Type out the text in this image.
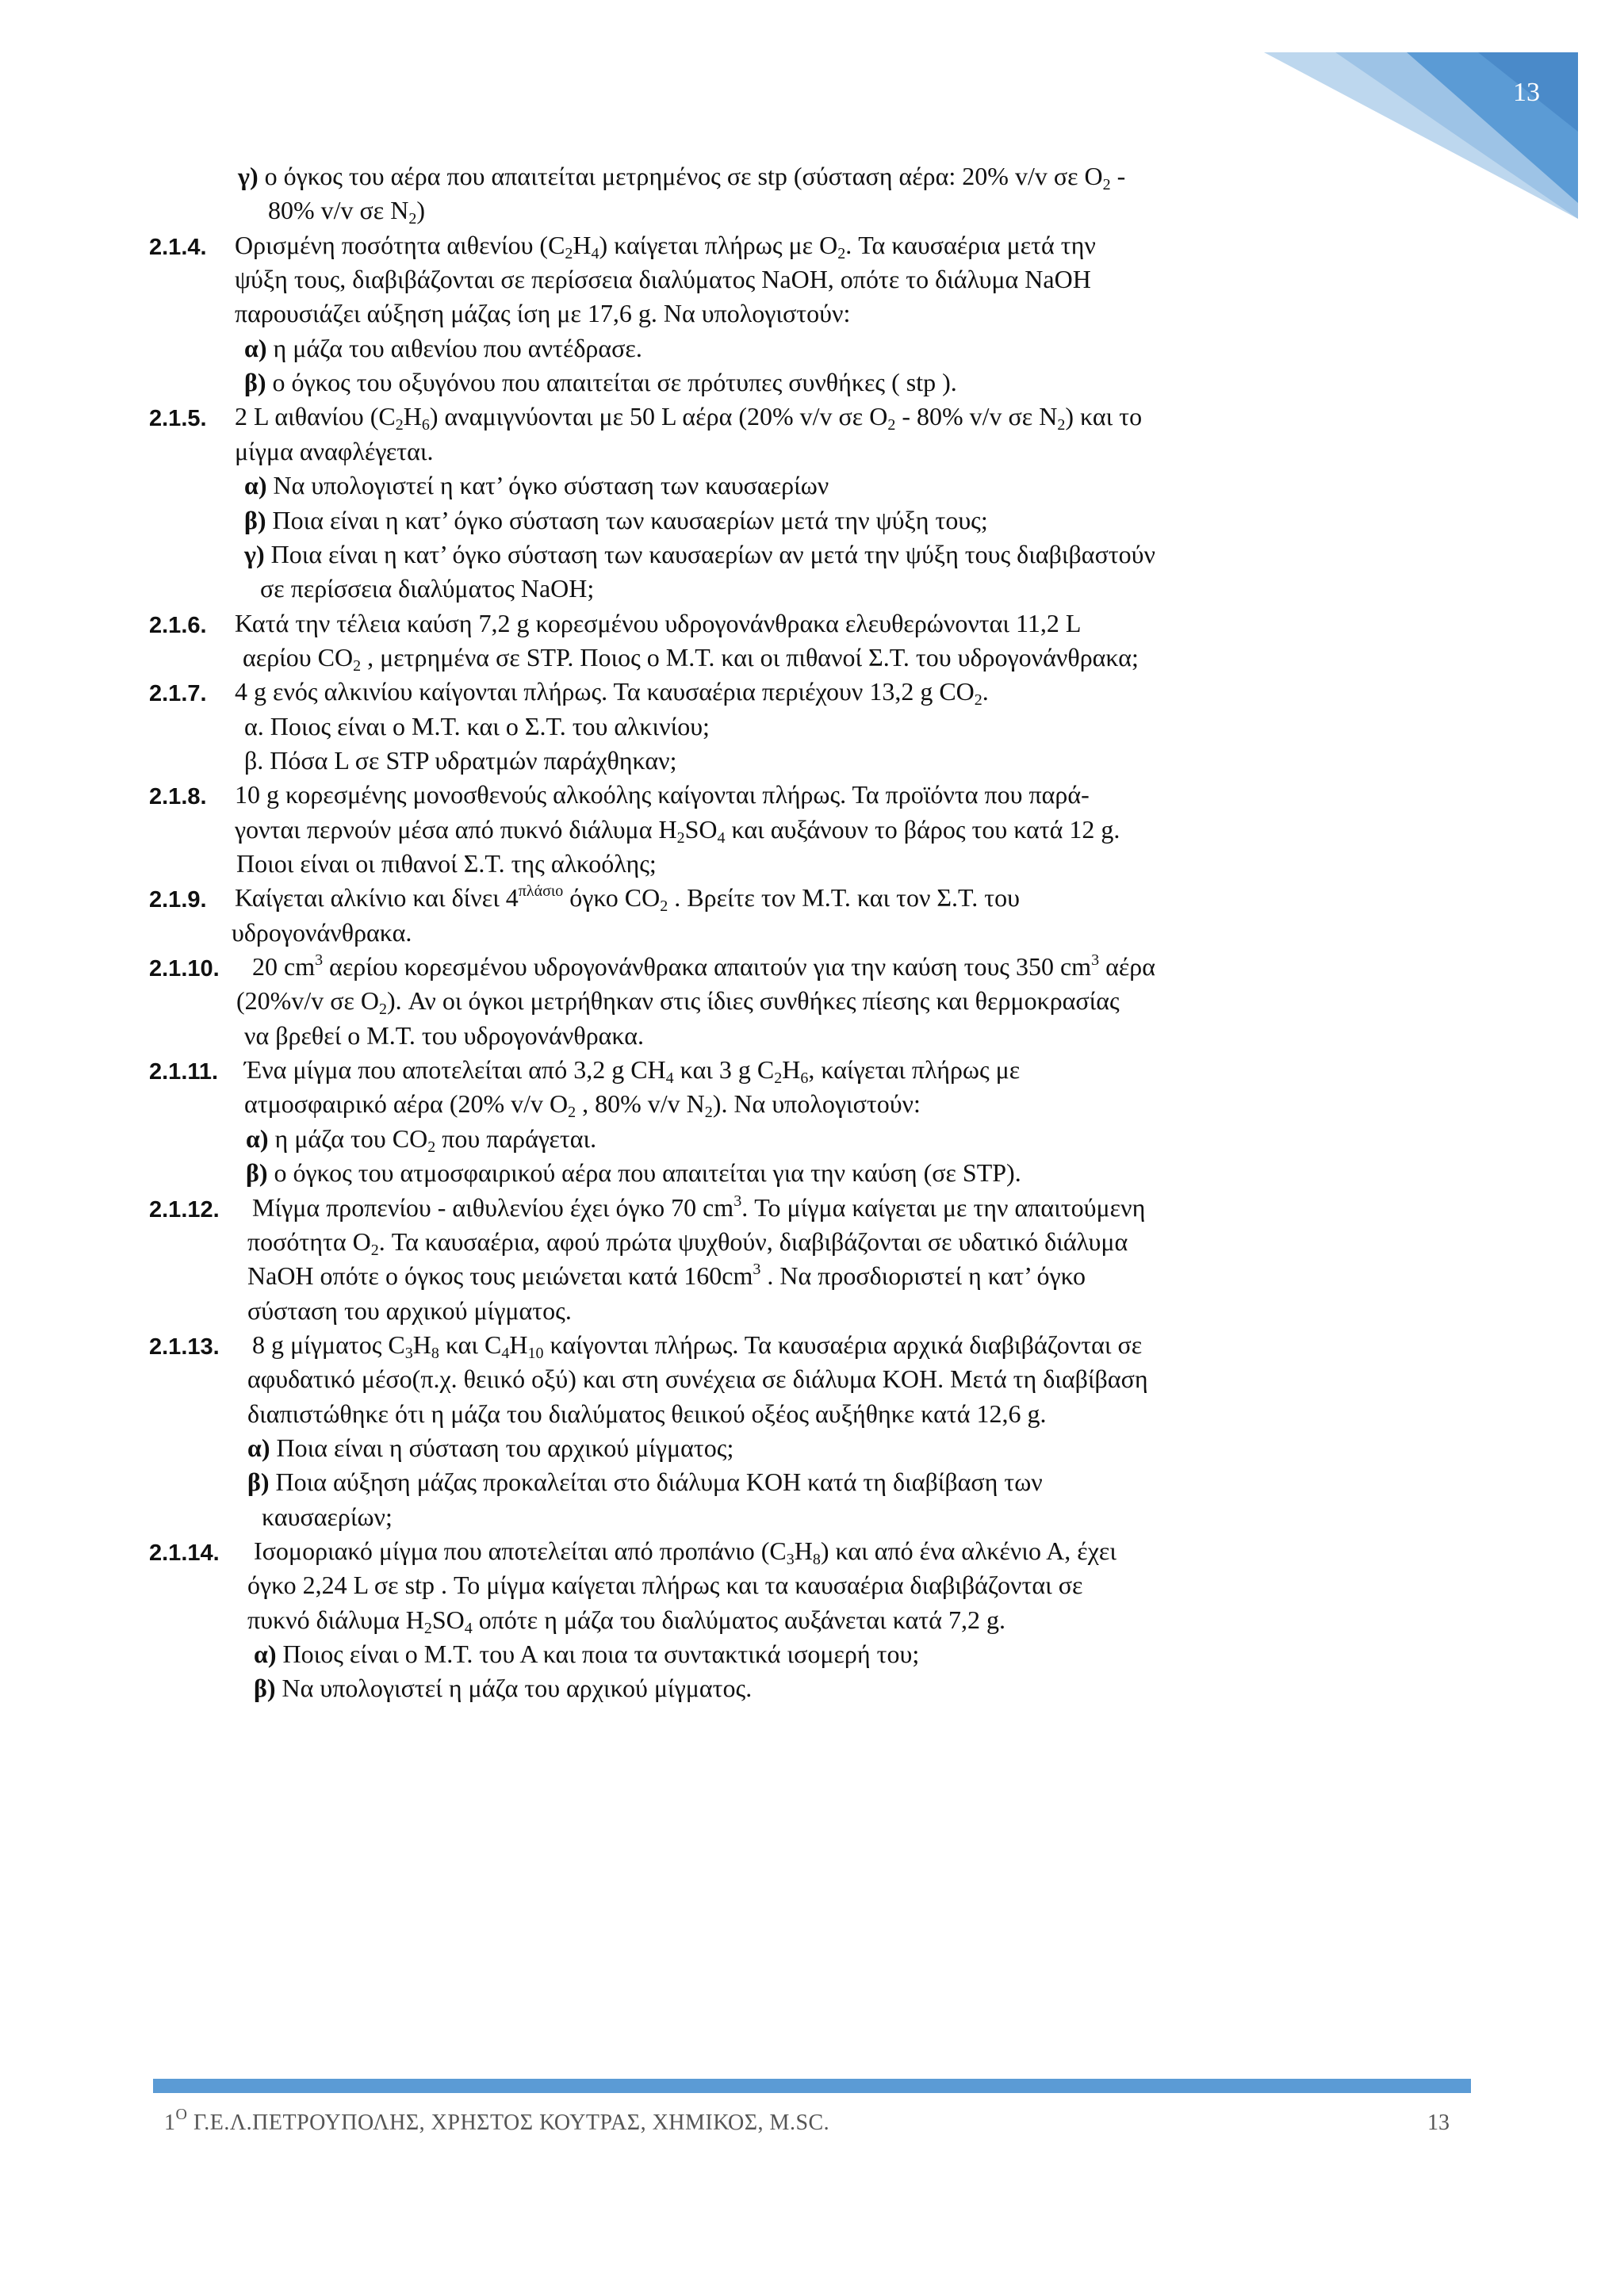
13
γ) ο όγκος του αέρα που απαιτείται μετρημένος σε stp (σύσταση αέρα: 20% v/v σε $O_2$ -
80% v/v σε $N_2$)
2.1.4. Ορισμένη ποσότητα αιθενίου $(C_2H_4)$ καίγεται πλήρως με $O_2$. Τα καυσαέρια μετά την
ψύξη τους, διαβιβάζονται σε περίσσεια διαλύματος NaOH, οπότε το διάλυμα NaOH
παρουσιάζει αύξηση μάζας ίση με 17,6 g. Να υπολογιστούν:
α) η μάζα του αιθενίου που αντέδρασε.
β) ο όγκος του οξυγόνου που απαιτείται σε πρότυπες συνθήκες ( stp ).
2.1.5. 2 L αιθανίου $(C_2H_6)$ αναμιγνύονται με 50 L αέρα (20% v/v σε $O_2 - 80\%$ v/v σε $N_2$) και το
μίγμα αναφλέγεται.
α) Να υπολογιστεί η κατ’ όγκο σύσταση των καυσαερίων
β) Ποια είναι η κατ’ όγκο σύσταση των καυσαερίων μετά την ψύξη τους;
γ) Ποια είναι η κατ’ όγκο σύσταση των καυσαερίων αν μετά την ψύξη τους διαβιβαστούν
σε περίσσεια διαλύματος NaOH;
2.1.6. Κατά την τέλεια καύση 7,2 g κορεσμένου υδρογονάνθρακα ελευθερώνονται 11,2 L
αερίου $CO_2$ , μετρημένα σε STP. Ποιος ο Μ.Τ. και οι πιθανοί Σ.Τ. του υδρογονάνθρακα;
2.1.7. 4 g ενός αλκινίου καίγονται πλήρως. Τα καυσαέρια περιέχουν 13,2 g $CO_2$.
α. Ποιος είναι ο Μ.Τ. και ο Σ.Τ. του αλκινίου;
β. Πόσα L σε STP υδρατμών παράχθηκαν;
2.1.8. 10 g κορεσμένης μονοσθενούς αλκοόλης καίγονται πλήρως. Τα προϊόντα που παρά-
γονται περνούν μέσα από πυκνό διάλυμα $H_2SO_4$ και αυξάνουν το βάρος του κατά 12 g.
Ποιοι είναι οι πιθανοί Σ.Τ. της αλκοόλης;
2.1.9. Καίγεται αλκίνιο και δίνει $4^{\pi\lambda ά\sigma\iota o}$ όγκο $CO_2$ . Βρείτε τον Μ.Τ. και τον Σ.Τ. του
υδρογονάνθρακα.
2.1.10. 20 $cm^3$ αερίου κορεσμένου υδρογονάνθρακα απαιτούν για την καύση τους 350 $cm^3$ αέρα
(20%v/v σε $O_2$). Αν οι όγκοι μετρήθηκαν στις ίδιες συνθήκες πίεσης και θερμοκρασίας
να βρεθεί ο Μ.Τ. του υδρογονάνθρακα.
2.1.11. Ένα μίγμα που αποτελείται από 3,2 g $CH_4$ και 3 g $C_2H_6$, καίγεται πλήρως με
ατμοσφαιρικό αέρα (20% v/v $O_2$ , 80% v/v $N_2$). Να υπολογιστούν:
α) η μάζα του $CO_2$ που παράγεται.
β) ο όγκος του ατμοσφαιρικού αέρα που απαιτείται για την καύση (σε STP).
2.1.12. Μίγμα προπενίου - αιθυλενίου έχει όγκο 70 $cm^3$. Το μίγμα καίγεται με την απαιτούμενη
ποσότητα $O_2$. Τα καυσαέρια, αφού πρώτα ψυχθούν, διαβιβάζονται σε υδατικό διάλυμα
NaOH οπότε ο όγκος τους μειώνεται κατά $160cm^3$ . Να προσδιοριστεί η κατ’ όγκο
σύσταση του αρχικού μίγματος.
2.1.13. 8 g μίγματος $C_3H_8$ και $C_4H_{10}$ καίγονται πλήρως. Τα καυσαέρια αρχικά διαβιβάζονται σε
αφυδατικό μέσο(π.χ. θειικό οξύ) και στη συνέχεια σε διάλυμα KOH. Μετά τη διαβίβαση
διαπιστώθηκε ότι η μάζα του διαλύματος θειικού οξέος αυξήθηκε κατά 12,6 g.
α) Ποια είναι η σύσταση του αρχικού μίγματος;
β) Ποια αύξηση μάζας προκαλείται στο διάλυμα KOH κατά τη διαβίβαση των
καυσαερίων;
2.1.14. Ισομοριακό μίγμα που αποτελείται από προπάνιο $(C_3H_8)$ και από ένα αλκένιο Α, έχει
όγκο 2,24 L σε stp . Το μίγμα καίγεται πλήρως και τα καυσαέρια διαβιβάζονται σε
πυκνό διάλυμα $H_2SO_4$ οπότε η μάζα του διαλύματος αυξάνεται κατά 7,2 g.
α) Ποιος είναι ο Μ.Τ. του Α και ποια τα συντακτικά ισομερή του;
β) Να υπολογιστεί η μάζα του αρχικού μίγματος.
$1^O$ Γ.Ε.Λ.ΠΕΤΡΟΥΠΟΛΗΣ, ΧΡΗΣΤΟΣ ΚΟΥΤΡΑΣ, ΧΗΜΙΚΟΣ, M.SC.	13
